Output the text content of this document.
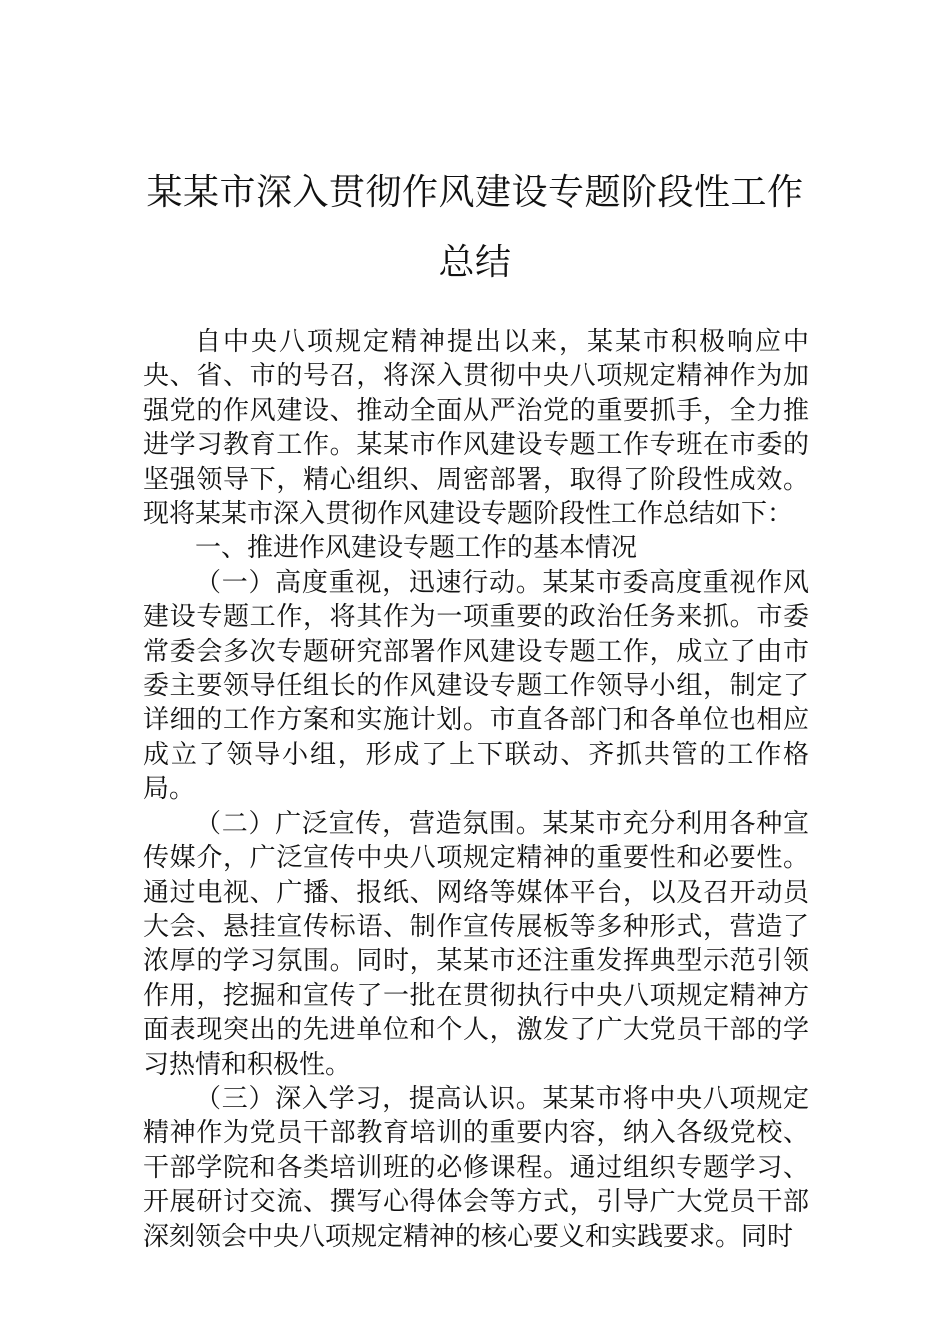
某某市深入贯彻作风建设专题阶段性工作总结

自中央八项规定精神提出以来，某某市积极响应中央、省、市的号召，将深入贯彻中央八项规定精神作为加强党的作风建设、推动全面从严治党的重要抓手，全力推进学习教育工作。某某市作风建设专题工作专班在市委的坚强领导下，精心组织、周密部署，取得了阶段性成效。现将某某市深入贯彻作风建设专题阶段性工作总结如下：

一、推进作风建设专题工作的基本情况

（一）高度重视，迅速行动。某某市委高度重视作风建设专题工作，将其作为一项重要的政治任务来抓。市委常委会多次专题研究部署作风建设专题工作，成立了由市委主要领导任组长的作风建设专题工作领导小组，制定了详细的工作方案和实施计划。市直各部门和各单位也相应成立了领导小组，形成了上下联动、齐抓共管的工作格局。

（二）广泛宣传，营造氛围。某某市充分利用各种宣传媒介，广泛宣传中央八项规定精神的重要性和必要性。通过电视、广播、报纸、网络等媒体平台，以及召开动员大会、悬挂宣传标语、制作宣传展板等多种形式，营造了浓厚的学习氛围。同时，某某市还注重发挥典型示范引领作用，挖掘和宣传了一批在贯彻执行中央八项规定精神方面表现突出的先进单位和个人，激发了广大党员干部的学习热情和积极性。

（三）深入学习，提高认识。某某市将中央八项规定精神作为党员干部教育培训的重要内容，纳入各级党校、干部学院和各类培训班的必修课程。通过组织专题学习、开展研讨交流、撰写心得体会等方式，引导广大党员干部深刻领会中央八项规定精神的核心要义和实践要求。同时
